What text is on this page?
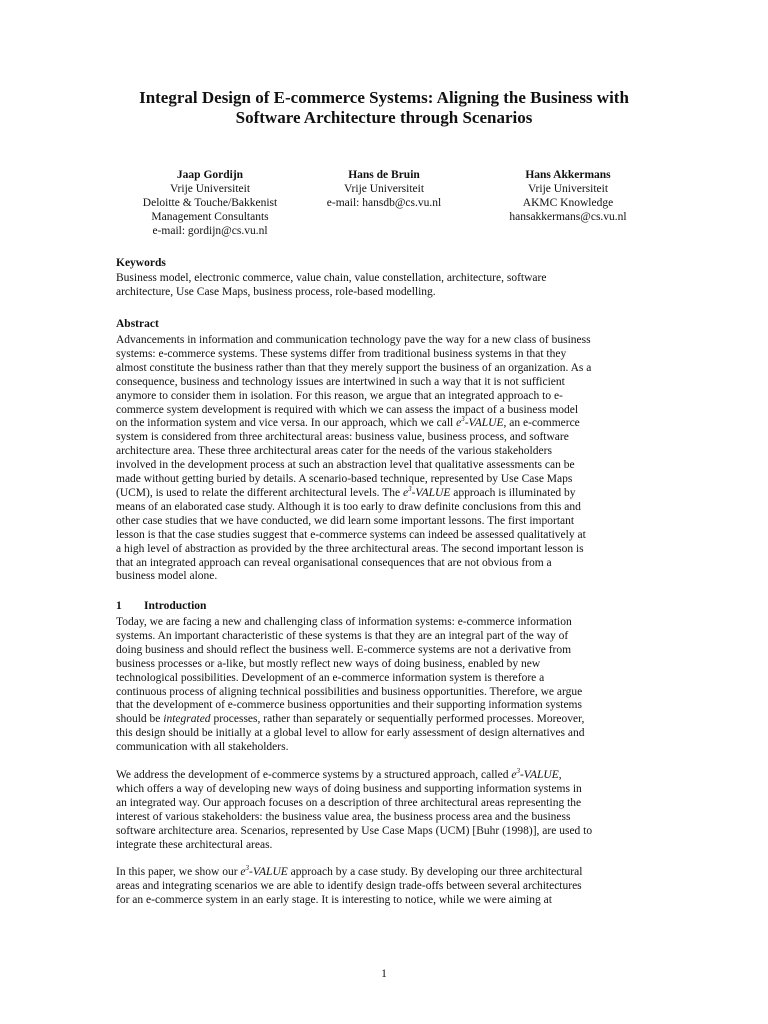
Integral Design of E-commerce Systems: Aligning the Business with
Software Architecture through Scenarios
Jaap Gordijn
Vrije Universiteit
Deloitte & Touche/Bakkenist
Management Consultants
e-mail: gordijn@cs.vu.nl
Hans de Bruin
Vrije Universiteit
e-mail: hansdb@cs.vu.nl
Hans Akkermans
Vrije Universiteit
AKMC Knowledge
hansakkermans@cs.vu.nl
Keywords
Business model, electronic commerce, value chain, value constellation, architecture, software
architecture, Use Case Maps, business process, role-based modelling.
Abstract
Advancements in information and communication technology pave the way for a new class of business
systems: e-commerce systems. These systems differ from traditional business systems in that they
almost constitute the business rather than that they merely support the business of an organization. As a
consequence, business and technology issues are intertwined in such a way that it is not sufficient
anymore to consider them in isolation. For this reason, we argue that an integrated approach to e-
commerce system development is required with which we can assess the impact of a business model
on the information system and vice versa. In our approach, which we call $e^3$-VALUE, an e-commerce
system is considered from three architectural areas: business value, business process, and software
architecture area. These three architectural areas cater for the needs of the various stakeholders
involved in the development process at such an abstraction level that qualitative assessments can be
made without getting buried by details. A scenario-based technique, represented by Use Case Maps
(UCM), is used to relate the different architectural levels. The $e^3$-VALUE approach is illuminated by
means of an elaborated case study. Although it is too early to draw definite conclusions from this and
other case studies that we have conducted, we did learn some important lessons. The first important
lesson is that the case studies suggest that e-commerce systems can indeed be assessed qualitatively at
a high level of abstraction as provided by the three architectural areas. The second important lesson is
that an integrated approach can reveal organisational consequences that are not obvious from a
business model alone.
1 Introduction
Today, we are facing a new and challenging class of information systems: e-commerce information
systems. An important characteristic of these systems is that they are an integral part of the way of
doing business and should reflect the business well. E-commerce systems are not a derivative from
business processes or a-like, but mostly reflect new ways of doing business, enabled by new
technological possibilities. Development of an e-commerce information system is therefore a
continuous process of aligning technical possibilities and business opportunities. Therefore, we argue
that the development of e-commerce business opportunities and their supporting information systems
should be integrated processes, rather than separately or sequentially performed processes. Moreover,
this design should be initially at a global level to allow for early assessment of design alternatives and
communication with all stakeholders.
We address the development of e-commerce systems by a structured approach, called $e^3$-VALUE,
which offers a way of developing new ways of doing business and supporting information systems in
an integrated way. Our approach focuses on a description of three architectural areas representing the
interest of various stakeholders: the business value area, the business process area and the business
software architecture area. Scenarios, represented by Use Case Maps (UCM) [Buhr (1998)], are used to
integrate these architectural areas.
In this paper, we show our $e^3$-VALUE approach by a case study. By developing our three architectural
areas and integrating scenarios we are able to identify design trade-offs between several architectures
for an e-commerce system in an early stage. It is interesting to notice, while we were aiming at
1
